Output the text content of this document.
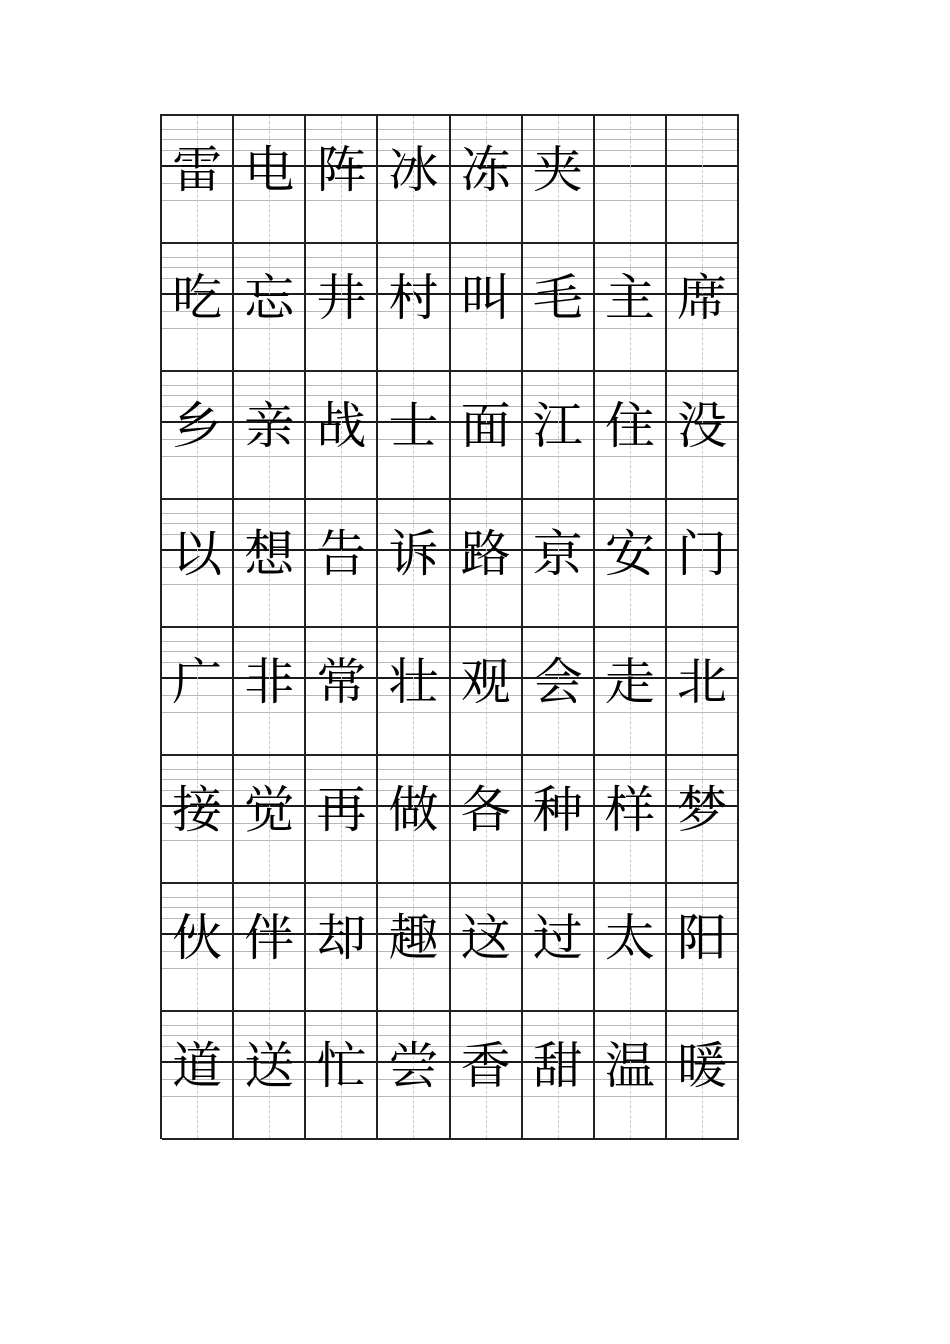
雷 电 阵 冰 冻 夹
吃 忘 井 村 叫 毛 主 席
乡 亲 战 士 面 江 住 没
以 想 告 诉 路 京 安 门
广 非 常 壮 观 会 走 北
接 觉 再 做 各 种 样 梦
伙 伴 却 趣 这 过 太 阳
道 送 忙 尝 香 甜 温 暖
